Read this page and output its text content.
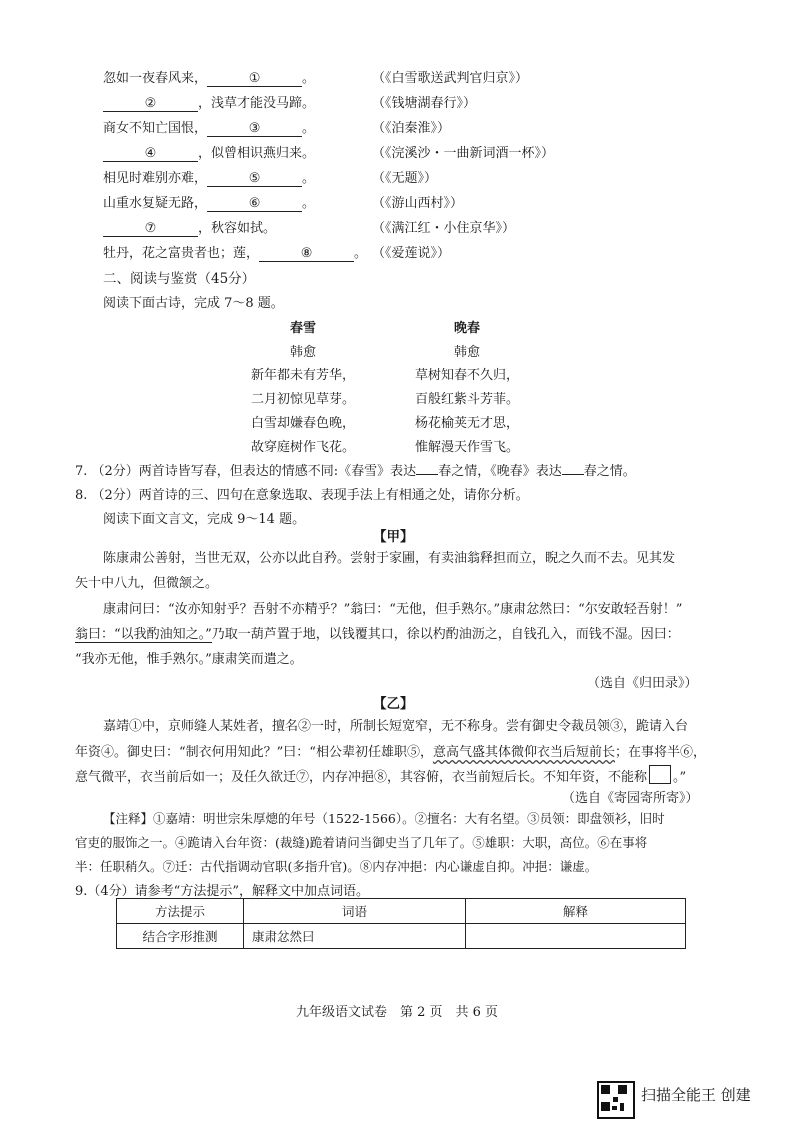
忽如一夜春风来，	①	。	（《白雪歌送武判官归京》）
②	，浅草才能没马蹄。	（《钱塘湖春行》）
商女不知亡国恨，	③	。	（《泊秦淮》）
④	，似曾相识燕归来。	（《浣溪沙・一曲新词酒一杯》）
相见时难别亦难，	⑤	。	（《无题》）
山重水复疑无路，	⑥	。	（《游山西村》）
⑦	，秋容如拭。	（《满江红・小住京华》）
牡丹，花之富贵者也；莲，	⑧	。 （《爱莲说》）
二、阅读与鉴赏（45分）
阅读下面古诗，完成 7～8 题。
春雪
韩愈
新年都未有芳华，
二月初惊见草芽。
白雪却嫌春色晚，
故穿庭树作飞花。
晚春
韩愈
草树知春不久归，
百般红紫斗芳菲。
杨花榆荚无才思，
惟解漫天作雪飞。
7. （2分）两首诗皆写春，但表达的情感不同:《春雪》表达 春之情，《晚春》表达 春之情。
8. （2分）两首诗的三、四句在意象选取、表现手法上有相通之处，请你分析。
阅读下面文言文，完成 9～14 题。
【甲】
陈康肃公善射，当世无双，公亦以此自矜。尝射于家圃，有卖油翁释担而立，睨之久而不去。见其发
矢十中八九，但微颔之。
康肃问曰：“汝亦知射乎？吾射不亦精乎？”翁曰：“无他，但手熟尔。”康肃忿然曰：“尔安敢轻吾射！”
翁曰：“以我酌油知之。”乃取一葫芦置于地，以钱覆其口，徐以杓酌油沥之，自钱孔入，而钱不湿。因曰：
“我亦无他，惟手熟尔。”康肃笑而遣之。
（选自《归田录》）
【乙】
嘉靖①中，京师缝人某姓者，擅名②一时，所制长短宽窄，无不称身。尝有御史令裁员领③，跪请入台
年资④。御史曰：“制衣何用知此？”曰：“相公辈初任雄职⑤，意高气盛其体微仰衣当后短前长；在事将半⑥，
意气微平，衣当前后如一；及任久欲迁⑦，内存冲挹⑧，其容俯，衣当前短后长。不知年资，不能称 。”
（选自《寄园寄所寄》）
【注释】①嘉靖：明世宗朱厚熜的年号（1522-1566）。②擅名：大有名望。③员领：即盘领衫，旧时
官吏的服饰之一。④跪请入台年资：(裁缝)跪着请问当御史当了几年了。⑤雄职：大职，高位。⑥在事将
半：任职稍久。⑦迁：古代指调动官职(多指升官)。⑧内存冲挹：内心谦虚自抑。冲挹：谦虚。
9.（4分）请参考“方法提示”，解释文中加点词语。
方法提示	词语	解释
结合字形推测	康肃忿然曰	
九年级语文试卷　第 2 页　共 6 页
扫描全能王 创建
